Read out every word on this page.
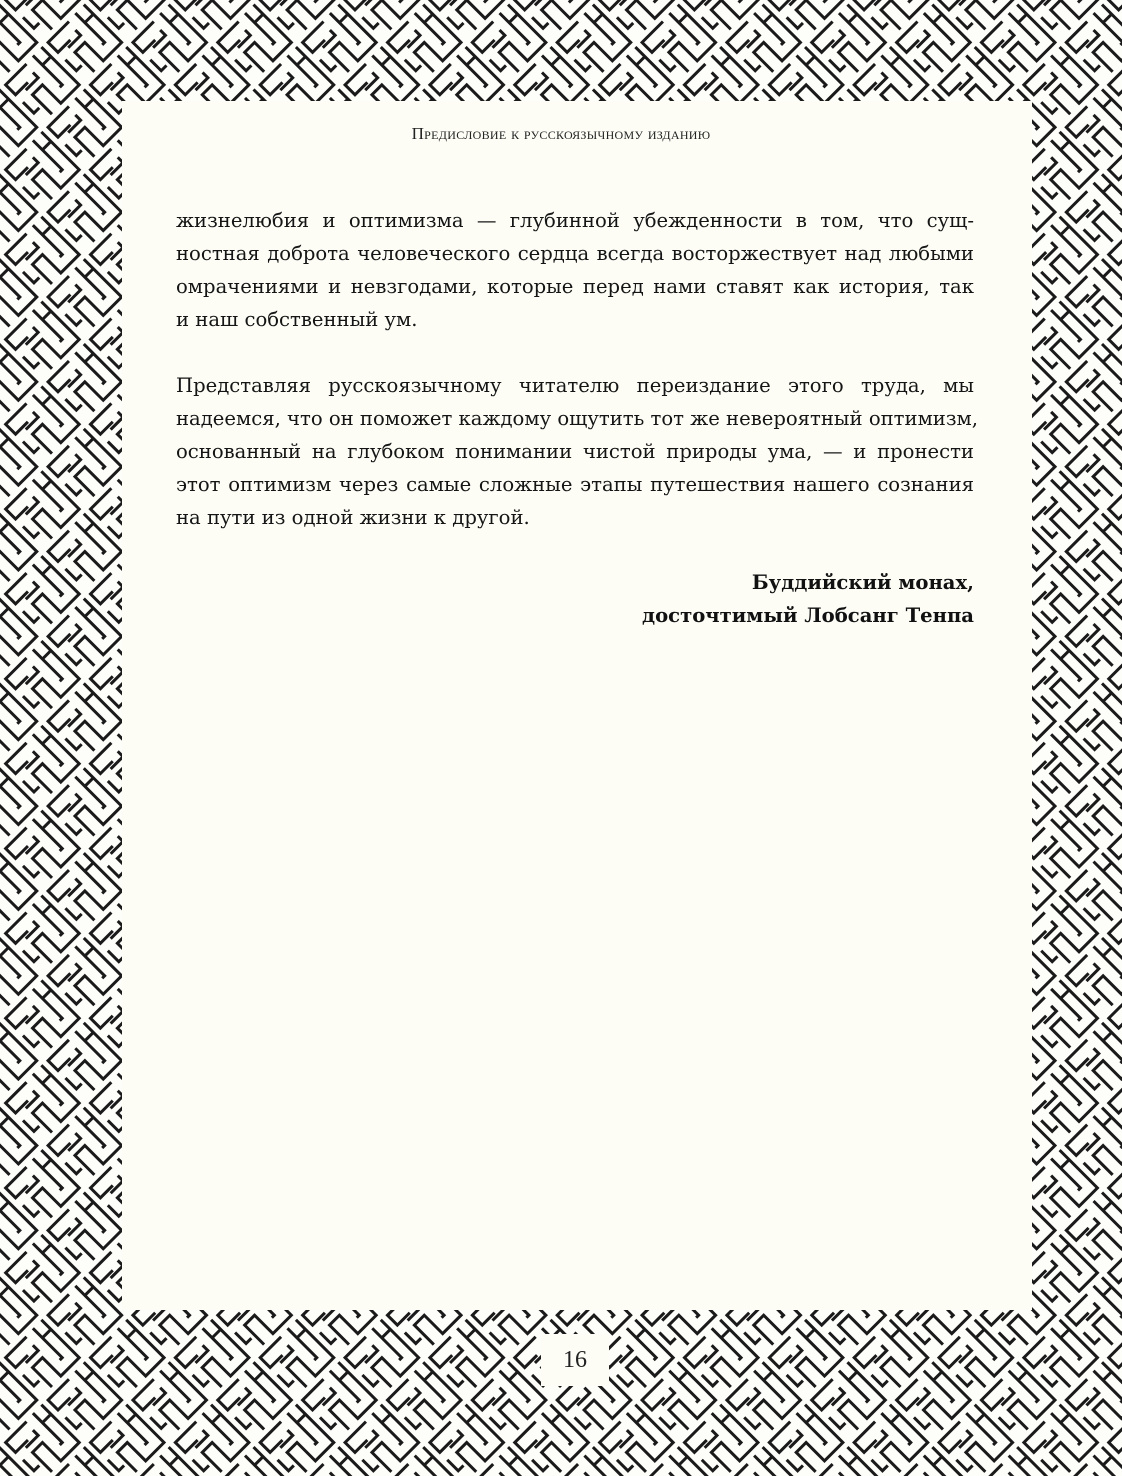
Предисловие к русскоязычному изданию

жизнелюбия и оптимизма — глубинной убежденности в том, что сущ-
ностная доброта человеческого сердца всегда восторжествует над любыми
омрачениями и невзгодами, которые перед нами ставят как история, так
и наш собственный ум.

Представляя русскоязычному читателю переиздание этого труда, мы
надеемся, что он поможет каждому ощутить тот же невероятный оптимизм,
основанный на глубоком понимании чистой природы ума, — и пронести
этот оптимизм через самые сложные этапы путешествия нашего сознания
на пути из одной жизни к другой.

Буддийский монах,
досточтимый Лобсанг Тенпа
16
